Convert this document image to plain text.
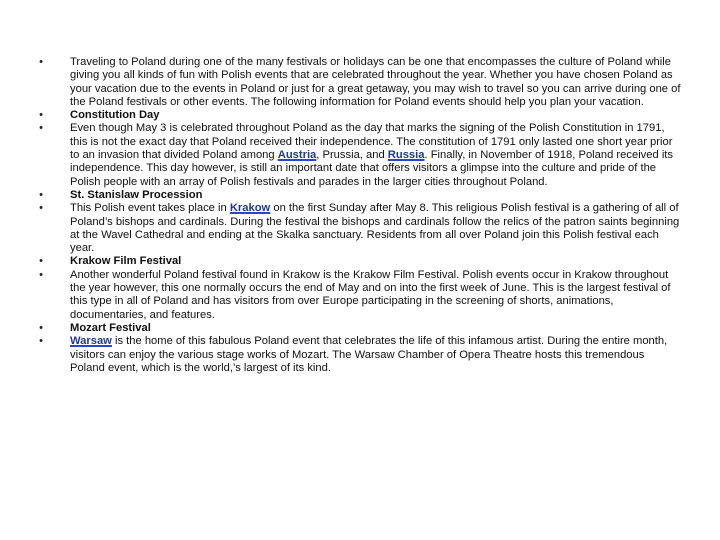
• Traveling to Poland during one of the many festivals or holidays can be one that encompasses the culture of Poland while giving you all kinds of fun with Polish events that are celebrated throughout the year. Whether you have chosen Poland as your vacation due to the events in Poland or just for a great getaway, you may wish to travel so you can arrive during one of the Poland festivals or other events. The following information for Poland events should help you plan your vacation.
• Constitution Day
• Even though May 3 is celebrated throughout Poland as the day that marks the signing of the Polish Constitution in 1791, this is not the exact day that Poland received their independence. The constitution of 1791 only lasted one short year prior to an invasion that divided Poland among Austria, Prussia, and Russia. Finally, in November of 1918, Poland received its independence. This day however, is still an important date that offers visitors a glimpse into the culture and pride of the Polish people with an array of Polish festivals and parades in the larger cities throughout Poland.
• St. Stanislaw Procession
• This Polish event takes place in Krakow on the first Sunday after May 8. This religious Polish festival is a gathering of all of Poland’s bishops and cardinals. During the festival the bishops and cardinals follow the relics of the patron saints beginning at the Wavel Cathedral and ending at the Skalka sanctuary. Residents from all over Poland join this Polish festival each year.
• Krakow Film Festival
• Another wonderful Poland festival found in Krakow is the Krakow Film Festival. Polish events occur in Krakow throughout the year however, this one normally occurs the end of May and on into the first week of June. This is the largest festival of this type in all of Poland and has visitors from over Europe participating in the screening of shorts, animations, documentaries, and features.
• Mozart Festival
• Warsaw is the home of this fabulous Poland event that celebrates the life of this infamous artist. During the entire month, visitors can enjoy the various stage works of Mozart. The Warsaw Chamber of Opera Theatre hosts this tremendous Poland event, which is the world,’s largest of its kind.
